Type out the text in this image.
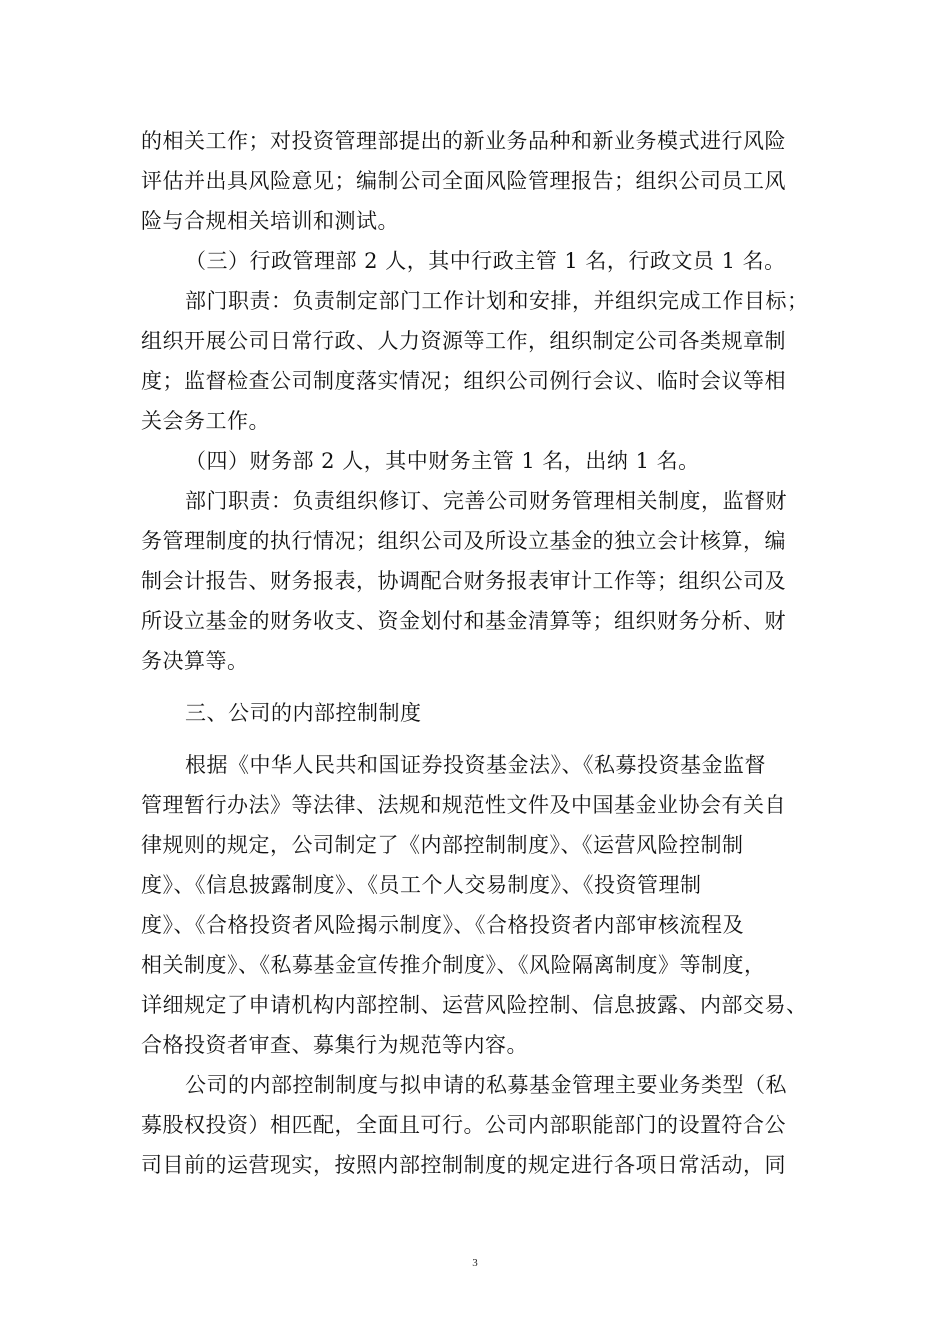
的相关工作；对投资管理部提出的新业务品种和新业务模式进行风险
评估并出具风险意见；编制公司全面风险管理报告；组织公司员工风
险与合规相关培训和测试。
（三）行政管理部 2 人，其中行政主管 1 名，行政文员 1 名。
部门职责：负责制定部门工作计划和安排，并组织完成工作目标；
组织开展公司日常行政、人力资源等工作，组织制定公司各类规章制
度；监督检查公司制度落实情况；组织公司例行会议、临时会议等相
关会务工作。
（四）财务部 2 人，其中财务主管 1 名，出纳 1 名。
部门职责：负责组织修订、完善公司财务管理相关制度，监督财
务管理制度的执行情况；组织公司及所设立基金的独立会计核算，编
制会计报告、财务报表，协调配合财务报表审计工作等；组织公司及
所设立基金的财务收支、资金划付和基金清算等；组织财务分析、财
务决算等。
三、公司的内部控制制度
根据《中华人民共和国证券投资基金法》、《私募投资基金监督
管理暂行办法》等法律、法规和规范性文件及中国基金业协会有关自
律规则的规定，公司制定了《内部控制制度》、《运营风险控制制
度》、《信息披露制度》、《员工个人交易制度》、《投资管理制
度》、《合格投资者风险揭示制度》、《合格投资者内部审核流程及
相关制度》、《私募基金宣传推介制度》、《风险隔离制度》等制度，
详细规定了申请机构内部控制、运营风险控制、信息披露、内部交易、
合格投资者审查、募集行为规范等内容。
公司的内部控制制度与拟申请的私募基金管理主要业务类型（私
募股权投资）相匹配，全面且可行。公司内部职能部门的设置符合公
司目前的运营现实，按照内部控制制度的规定进行各项日常活动，同
3
